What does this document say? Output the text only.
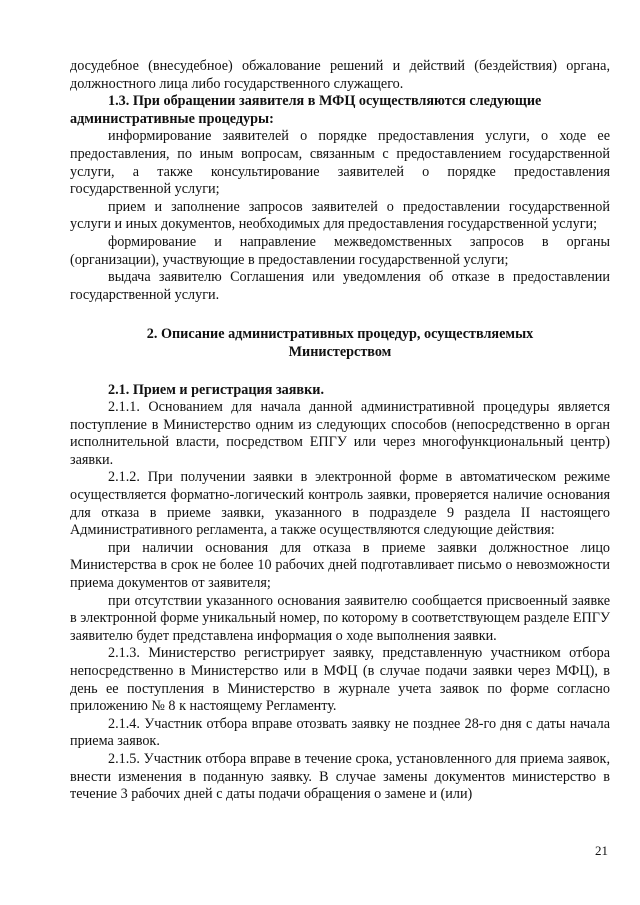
досудебное (внесудебное) обжалование решений и действий (бездействия) органа, должностного лица либо государственного служащего.

1.3. При обращении заявителя в МФЦ осуществляются следующие административные процедуры:

информирование заявителей о порядке предоставления услуги, о ходе ее предоставления, по иным вопросам, связанным с предоставлением государственной услуги, а также консультирование заявителей о порядке предоставления государственной услуги;

прием и заполнение запросов заявителей о предоставлении государственной услуги и иных документов, необходимых для предоставления государственной услуги;

формирование и направление межведомственных запросов в органы (организации), участвующие в предоставлении государственной услуги;

выдача заявителю Соглашения или уведомления об отказе в предоставлении государственной услуги.

2. Описание административных процедур, осуществляемых
Министерством

2.1. Прием и регистрация заявки.

2.1.1. Основанием для начала данной административной процедуры является поступление в Министерство одним из следующих способов (непосредственно в орган исполнительной власти, посредством ЕПГУ или через многофункциональный центр) заявки.

2.1.2. При получении заявки в электронной форме в автоматическом режиме осуществляется форматно-логический контроль заявки, проверяется наличие основания для отказа в приеме заявки, указанного в подразделе 9 раздела II настоящего Административного регламента, а также осуществляются следующие действия:

при наличии основания для отказа в приеме заявки должностное лицо Министерства в срок не более 10 рабочих дней подготавливает письмо о невозможности приема документов от заявителя;

при отсутствии указанного основания заявителю сообщается присвоенный заявке в электронной форме уникальный номер, по которому в соответствующем разделе ЕПГУ заявителю будет представлена информация о ходе выполнения заявки.

2.1.3. Министерство регистрирует заявку, представленную участником отбора непосредственно в Министерство или в МФЦ (в случае подачи заявки через МФЦ), в день ее поступления в Министерство в журнале учета заявок по форме согласно приложению № 8 к настоящему Регламенту.

2.1.4. Участник отбора вправе отозвать заявку не позднее 28-го дня с даты начала приема заявок.

2.1.5. Участник отбора вправе в течение срока, установленного для приема заявок, внести изменения в поданную заявку. В случае замены документов министерство в течение 3 рабочих дней с даты подачи обращения о замене и (или)

21
